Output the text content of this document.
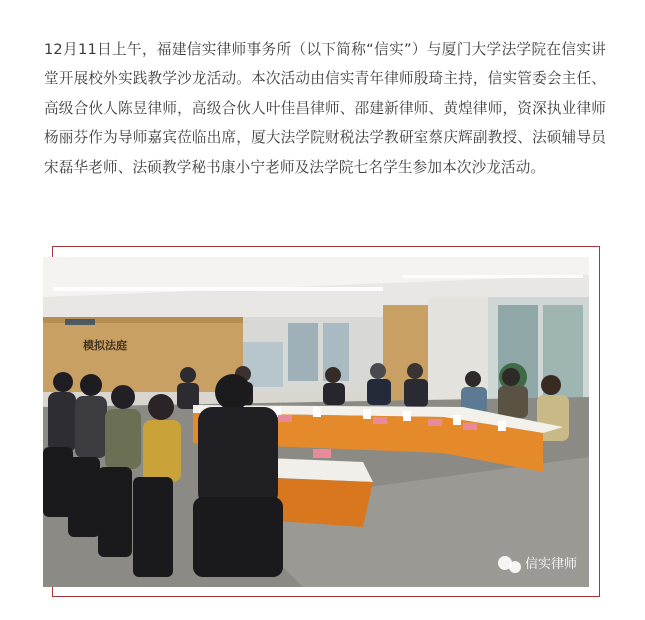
12月11日上午，福建信实律师事务所（以下简称“信实”）与厦门大学法学院在信实讲堂开展校外实践教学沙龙活动。本次活动由信实青年律师殷琦主持，信实管委会主任、高级合伙人陈昱律师，高级合伙人叶佳昌律师、邵建新律师、黄煌律师，资深执业律师杨丽芬作为导师嘉宾莅临出席，厦大法学院财税法学教研室蔡庆辉副教授、法硕辅导员宋磊华老师、法硕教学秘书康小宁老师及法学院七名学生参加本次沙龙活动。

模拟法庭
信实律师
